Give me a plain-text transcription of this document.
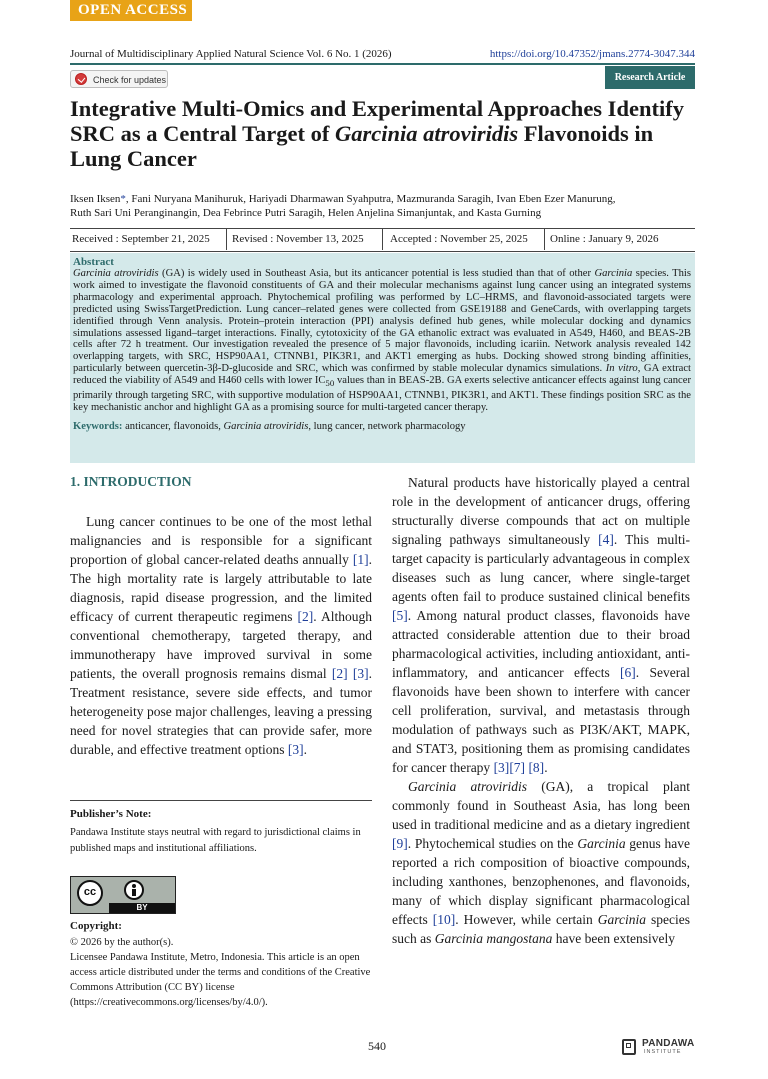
OPEN ACCESS
Journal of Multidisciplinary Applied Natural Science Vol. 6 No. 1 (2026)	https://doi.org/10.47352/jmans.2774-3047.344
Check for updates	Research Article
Integrative Multi-Omics and Experimental Approaches Identify SRC as a Central Target of Garcinia atroviridis Flavonoids in Lung Cancer
Iksen Iksen*, Fani Nuryana Manihuruk, Hariyadi Dharmawan Syahputra, Mazmuranda Saragih, Ivan Eben Ezer Manurung,
Ruth Sari Uni Peranginangin, Dea Febrince Putri Saragih, Helen Anjelina Simanjuntak, and Kasta Gurning
Received : September 21, 2025 Revised : November 13, 2025 Accepted : November 25, 2025 Online : January 9, 2026
Abstract
Garcinia atroviridis (GA) is widely used in Southeast Asia, but its anticancer potential is less studied than that of other Garcinia species. This work aimed to investigate the flavonoid constituents of GA and their molecular mechanisms against lung cancer using an integrated systems pharmacology and experimental approach. Phytochemical profiling was performed by LC–HRMS, and flavonoid-associated targets were predicted using SwissTargetPrediction. Lung cancer–related genes were collected from GSE19188 and GeneCards, with overlapping targets identified through Venn analysis. Protein–protein interaction (PPI) analysis defined hub genes, while molecular docking and dynamics simulations assessed ligand–target interactions. Finally, cytotoxicity of the GA ethanolic extract was evaluated in A549, H460, and BEAS-2B cells after 72 h treatment. Our investigation revealed the presence of 5 major flavonoids, including icariin. Network analysis revealed 142 overlapping targets, with SRC, HSP90AA1, CTNNB1, PIK3R1, and AKT1 emerging as hubs. Docking showed strong binding affinities, particularly between quercetin-3β-D-glucoside and SRC, which was confirmed by stable molecular dynamics simulations. In vitro, GA extract reduced the viability of A549 and H460 cells with lower $IC_{50}$ values than in BEAS-2B. GA exerts selective anticancer effects against lung cancer primarily through targeting SRC, with supportive modulation of HSP90AA1, CTNNB1, PIK3R1, and AKT1. These findings position SRC as the key mechanistic anchor and highlight GA as a promising source for multi-targeted cancer therapy.
Keywords: anticancer, flavonoids, Garcinia atroviridis, lung cancer, network pharmacology
1. INTRODUCTION

Lung cancer continues to be one of the most lethal malignancies and is responsible for a significant proportion of global cancer-related deaths annually [1]. The high mortality rate is largely attributable to late diagnosis, rapid disease progression, and the limited efficacy of current therapeutic regimens [2]. Although conventional chemotherapy, targeted therapy, and immunotherapy have improved survival in some patients, the overall prognosis remains dismal [2] [3]. Treatment resistance, severe side effects, and tumor heterogeneity pose major challenges, leaving a pressing need for novel strategies that can provide safer, more durable, and effective treatment options [3].

Natural products have historically played a central role in the development of anticancer drugs, offering structurally diverse compounds that act on multiple signaling pathways simultaneously [4]. This multi-target capacity is particularly advantageous in complex diseases such as lung cancer, where single-target agents often fail to produce sustained clinical benefits [5]. Among natural product classes, flavonoids have attracted considerable attention due to their broad pharmacological activities, including antioxidant, anti-inflammatory, and anticancer effects [6]. Several flavonoids have been shown to interfere with cancer cell proliferation, survival, and metastasis through modulation of pathways such as PI3K/AKT, MAPK, and STAT3, positioning them as promising candidates for cancer therapy [3][7] [8].

Garcinia atroviridis (GA), a tropical plant commonly found in Southeast Asia, has long been used in traditional medicine and as a dietary ingredient [9]. Phytochemical studies on the Garcinia genus have reported a rich composition of bioactive compounds, including xanthones, benzophenones, and flavonoids, many of which display significant pharmacological effects [10]. However, while certain Garcinia species such as Garcinia mangostana have been extensively

Publisher’s Note:
Pandawa Institute stays neutral with regard to jurisdictional claims in published maps and institutional affiliations.
cc
BY
Copyright:
© 2026 by the author(s).
Licensee Pandawa Institute, Metro, Indonesia. This article is an open access article distributed under the terms and conditions of the Creative Commons Attribution (CC BY) license (https://creativecommons.org/licenses/by/4.0/).
540	PANDAWA
INSTITUTE
